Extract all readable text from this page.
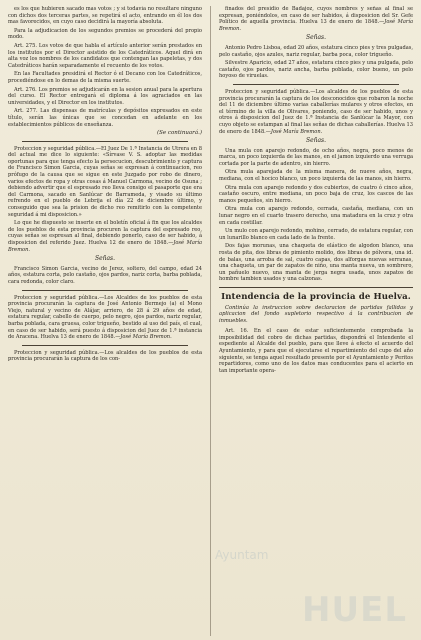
es los que hubieren sacado mas votos ; y si todavía no resultare ninguno con dichos dos terceras partes, se repetirá el acto, entrando en él los dos mas favorecidos, en cuyo caso decidirá la mayoría absoluta.

Para la adjudicacion de los segundos premios se procederá del propio modo.

Art. 275. Los votos de que habla el artículo anterior serán prestados en los institutos por el Director asistido de los Catedráticos. Aquel dirá en alta voz los nombres de los candidatos que contengan las papeletas, y dos Catedráticos harán separadamente el recuento de los votos.

En las Facultades presidirá el Rector ó el Decano con los Catedráticos, procediéndose en lo demas de la misma suerte.

Art. 276. Los premios se adjudicarán en la sesion anual para la apertura del curso. El Rector entregará el diploma á los agraciados en las universidades, y el Director en los institutos.

Art. 277. Las dispensas de matrículas y depósitos expresados en este título, serán las únicas que se concedan en adelante en los establecimientos públicos de enseñanza.

(Se continuará.)

Proteccion y seguridad pública.—El Juez De 1.ª Instancia de Utrera en 8 del actual me dice lo siguiente: «Sírvase V. S. adoptar las medidas oportunas para que tenga efecto la persecucion, descubrimiento y captura de Francisco Simon Garcia, cuyas señas se expresan á continuacion, reo prófugo de la causa que se sigue en este Juzgado por robo de dinero, varios efectos de ropa y otras cosas á Manuel Carmona, vecino de Osuna ; debiendo advertir que el espresado reo lleva consigo el pasaporte que era del Carmona, sacado en Sanlúcar de Barrameda, y visado su último refrendo en el pueblo de Lebrija el día 22 de diciembre último, y conseguido que sea la prision de dicho reo remitirlo con la competente seguridad á mi disposicion.»

Lo que he dispuesto se inserte en el boletín oficial á fin que los alcaldes de los pueblos de esta provincia procuren la captura del espresado reo, cuyas señas se espresan al final, debiendo ponerlo, caso de ser habido, á disposicion del referido Juez. Huelva 12 de enero de 1848.—José María Bremon.

Señas.

Francisco Simon Garcia, vecino de Jerez, soltero, del campo, edad 24 años, estatura corta, pelo castaño, ojos pardos, nariz corta, barba poblada, cara redonda, color claro.

Proteccion y seguridad pública.—Los Alcaldes de los pueblos de esta provincia procurarán la captura de José Antonio Bermejo (a) el Mono Viejo, natural y vecino de Alájar, arriero, de 28 á 29 años de edad, estatura regular, cabello de cuerpo, pelo negro, ojos pardos, nariz regular, barba poblada, cara gruesa, color trigueño, bestido al uso del país, el cual, en caso de ser habido, será puesto á disposicion del Juez de 1.ª instancia de Aracena. Huelva 13 de enero de 1848.—José María Bremon.

Proteccion y seguridad pública.—Los alcaldes de los pueblos de esta provincia procurarán la captura de los con-

finados del presidio de Badajoz, cuyos nombres y señas al final se expresan, poniéndolos, en caso de ser habidos, á disposicion del Sr. Gefe Político de aquella provincia. Huelva 13 de enero de 1848.—José María Bremon.

Señas.

Antonio Pedro Lisboa, edad 20 años, estatura cinco pies y tres pulgadas, pelo castaño, ojos azules, nariz regular, barba poca, color trigueño.

Silvestre Aparicio, edad 27 años, estatura cinco pies y una pulgada, pelo castaño, ojos pardos, nariz ancha, barba poblada, color bueno, un pelo hoyoso de viruelas.

Proteccion y seguridad pública.—Los alcaldes de los pueblos de esta provincia procurarán la captura de los desconocidos que robaron la noche del 11 de diciembre último varias caballerías mulares y otros efectos, en el término de la villa de Olivares, poniendo, caso de ser habido, unos y otros á disposicion del Juez de 1.ª Instancia de Sanlúcar la Mayor, con cuyo objeto se estampan al final las señas de dichas caballerías. Huelva 13 de enero de 1848.—José María Bremon.

Señas.

Una mula con aparejo redondo, de ocho años, negra, poco menos de marca, un poco izquierda de las manos, en el jamon izquierdo una verruga cortada por la parte de adentro, sin hierro.

Otra mula aparejada de la misma manera, de nueve años, negra, mediana, con el hocico blanco, un poco izquierda de las manos, sin hierro.

Otra mula con aparejo redondo y dos cubiertos, de cuatro ó cinco años, castaño oscuro, entre mediana, un poco baja de cruz, los cascos de las manos pequeños, sin hierro.

Otra mula con aparejo redondo, cerrada, castaña, mediana, con un lunar negro en el cuarto trasero derecho, una matadura en la cruz y otra en cada costillar.

Un mulo con aparejo redondo, mohino, cerrado, de estatura regular, con un lunarillo blanco en cada lado de la frente.

Dos fajas morunas, una chaqueta de elástico de algodon blanco, una rosta de pita, dos libras de pimiento molido, dos libras de pólvora, una id. de balas, una arroba de sal, cuatro capas, dos alforgas nuevas serranas, una chaqueta, un par de zapatos de niño, una manta nueva, un sombrero, un pañuelo nuevo, una manta de jerga negra usada, unos zapatos de hombre tambien usados y una calzonas.

Intendencia de la provincia de Huelva.
Continúa la instruccion sobre declaracion de partidas fallidas y aplicacion del fondo supletorio respectivo á la contribucion de inmuebles.

Art. 16. En el caso de estar suficientemente comprobada la imposibilidad del cobro de dichas partidas, dispondrá el Intendente el espediente al Alcalde del pueblo, para que lleve á efecto el acuerdo del Ayuntamiento, y para que el ejecutarse el repartimiento del cupo del año siguiente, se tenga aquel resultado presente por el Ayuntamiento y Peritos repartidores, como uno de los datos mas conducentes para el acierto en tan importante opera-

Ayuntam
HUEL
